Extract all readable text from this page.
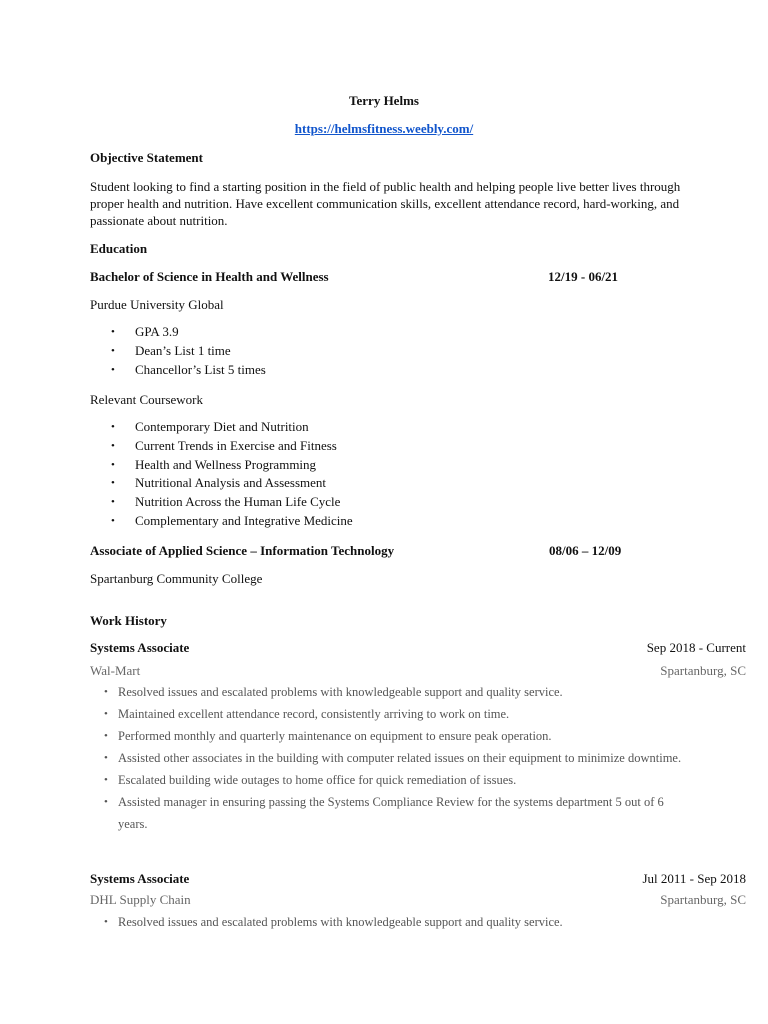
Terry Helms
https://helmsfitness.weebly.com/
Objective Statement
Student looking to find a starting position in the field of public health and helping people live better lives through proper health and nutrition. Have excellent communication skills, excellent attendance record, hard-working, and passionate about nutrition.
Education
Bachelor of Science in Health and Wellness	12/19 - 06/21
Purdue University Global
• GPA 3.9
• Dean’s List 1 time
• Chancellor’s List 5 times
Relevant Coursework
• Contemporary Diet and Nutrition
• Current Trends in Exercise and Fitness
• Health and Wellness Programming
• Nutritional Analysis and Assessment
• Nutrition Across the Human Life Cycle
• Complementary and Integrative Medicine
Associate of Applied Science – Information Technology	08/06 – 12/09
Spartanburg Community College
Work History
Systems Associate	Sep 2018 - Current
Wal-Mart	Spartanburg, SC
• Resolved issues and escalated problems with knowledgeable support and quality service.
• Maintained excellent attendance record, consistently arriving to work on time.
• Performed monthly and quarterly maintenance on equipment to ensure peak operation.
• Assisted other associates in the building with computer related issues on their equipment to minimize downtime.
• Escalated building wide outages to home office for quick remediation of issues.
• Assisted manager in ensuring passing the Systems Compliance Review for the systems department 5 out of 6 years.
Systems Associate	Jul 2011 - Sep 2018
DHL Supply Chain	Spartanburg, SC
• Resolved issues and escalated problems with knowledgeable support and quality service.
